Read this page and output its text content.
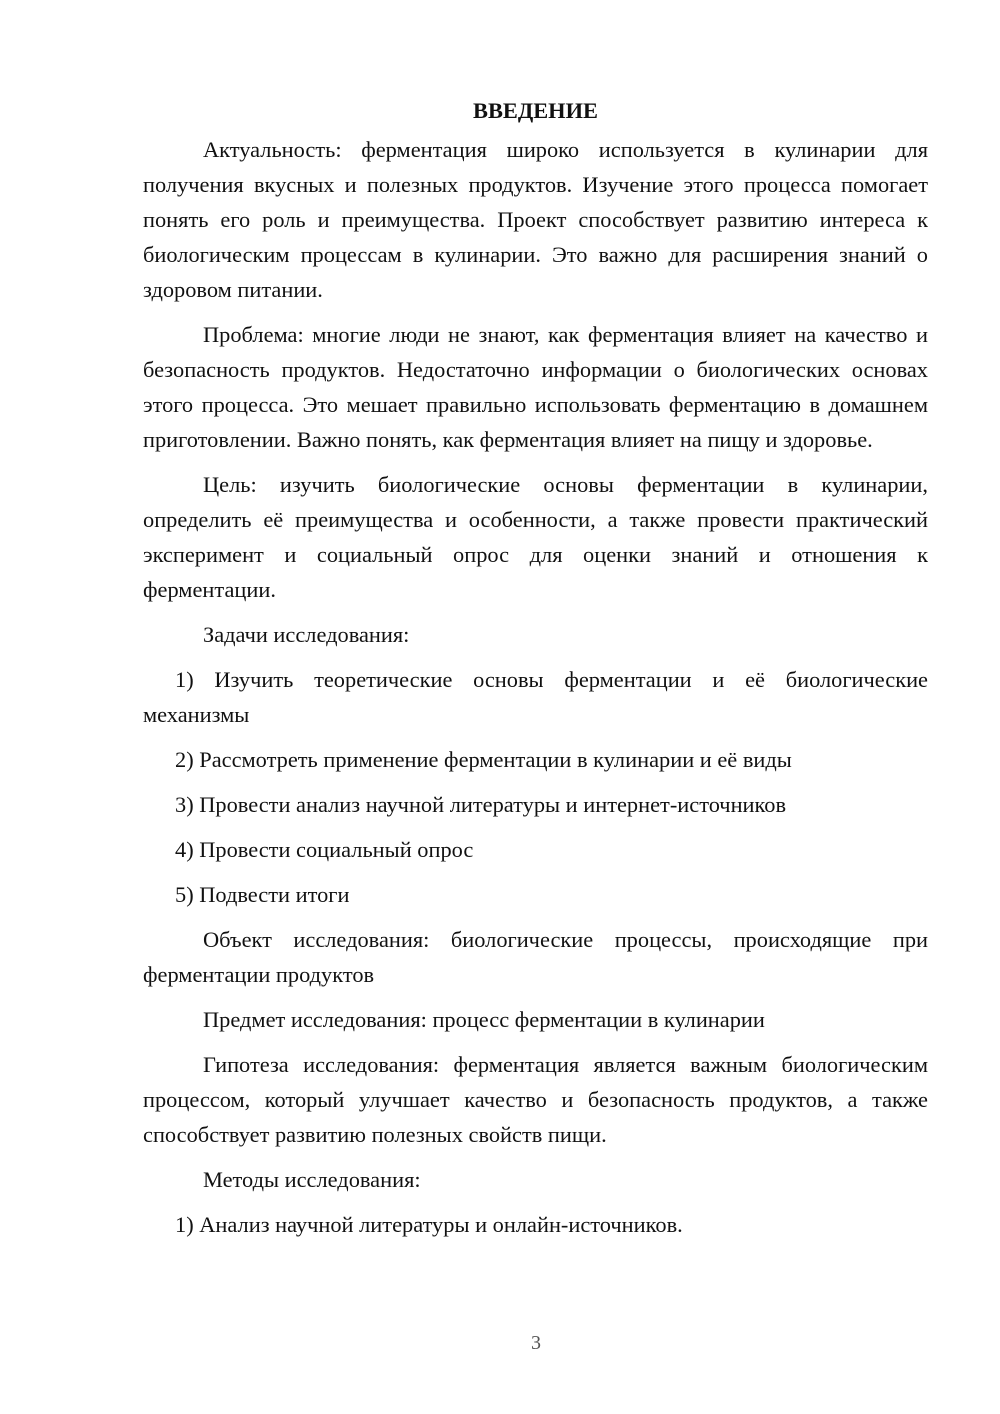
ВВЕДЕНИЕ

Актуальность: ферментация широко используется в кулинарии для получения вкусных и полезных продуктов. Изучение этого процесса помогает понять его роль и преимущества. Проект способствует развитию интереса к биологическим процессам в кулинарии. Это важно для расширения знаний о здоровом питании.

Проблема: многие люди не знают, как ферментация влияет на качество и безопасность продуктов. Недостаточно информации о биологических основах этого процесса. Это мешает правильно использовать ферментацию в домашнем приготовлении. Важно понять, как ферментация влияет на пищу и здоровье.

Цель: изучить биологические основы ферментации в кулинарии, определить её преимущества и особенности, а также провести практический эксперимент и социальный опрос для оценки знаний и отношения к ферментации.

Задачи исследования:

1) Изучить теоретические основы ферментации и её биологические механизмы

2) Рассмотреть применение ферментации в кулинарии и её виды

3) Провести анализ научной литературы и интернет-источников

4) Провести социальный опрос

5) Подвести итоги

Объект исследования: биологические процессы, происходящие при ферментации продуктов

Предмет исследования: процесс ферментации в кулинарии

Гипотеза исследования: ферментация является важным биологическим процессом, который улучшает качество и безопасность продуктов, а также способствует развитию полезных свойств пищи.

Методы исследования:

1) Анализ научной литературы и онлайн-источников.

3
